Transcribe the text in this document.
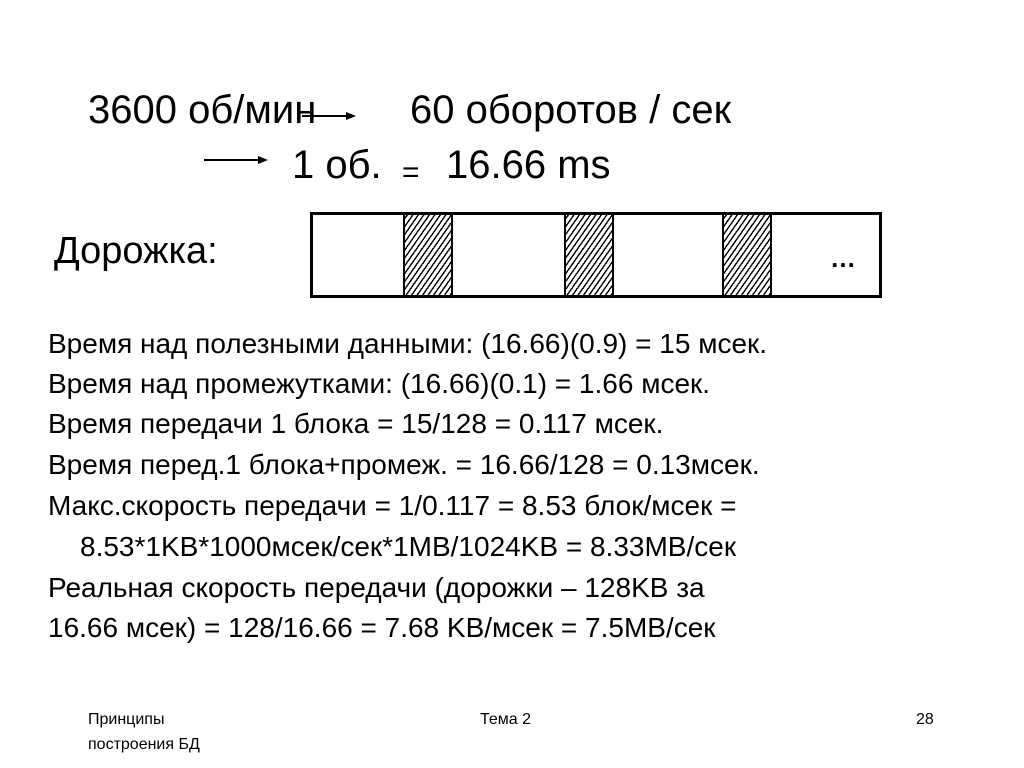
3600 об/мин 60 оборотов / сек
1 об. = 16.66 ms
Дорожка:	…
Время над полезными данными: (16.66)(0.9) = 15 мсек.
Время над промежутками: (16.66)(0.1) = 1.66 мсек.
Время передачи 1 блока = 15/128 = 0.117 мсек.
Время перед.1 блока+промеж. = 16.66/128 = 0.13мсек.
Макс.скорость передачи = 1/0.117 = 8.53 блок/мсек =
8.53*1KB*1000мсек/сек*1MB/1024KB = 8.33MB/сек
Реальная скорость передачи (дорожки – 128KB за
16.66 мсек) = 128/16.66 = 7.68 KB/мсек = 7.5MB/сек
Принципы
построения БД
Тема 2	28
